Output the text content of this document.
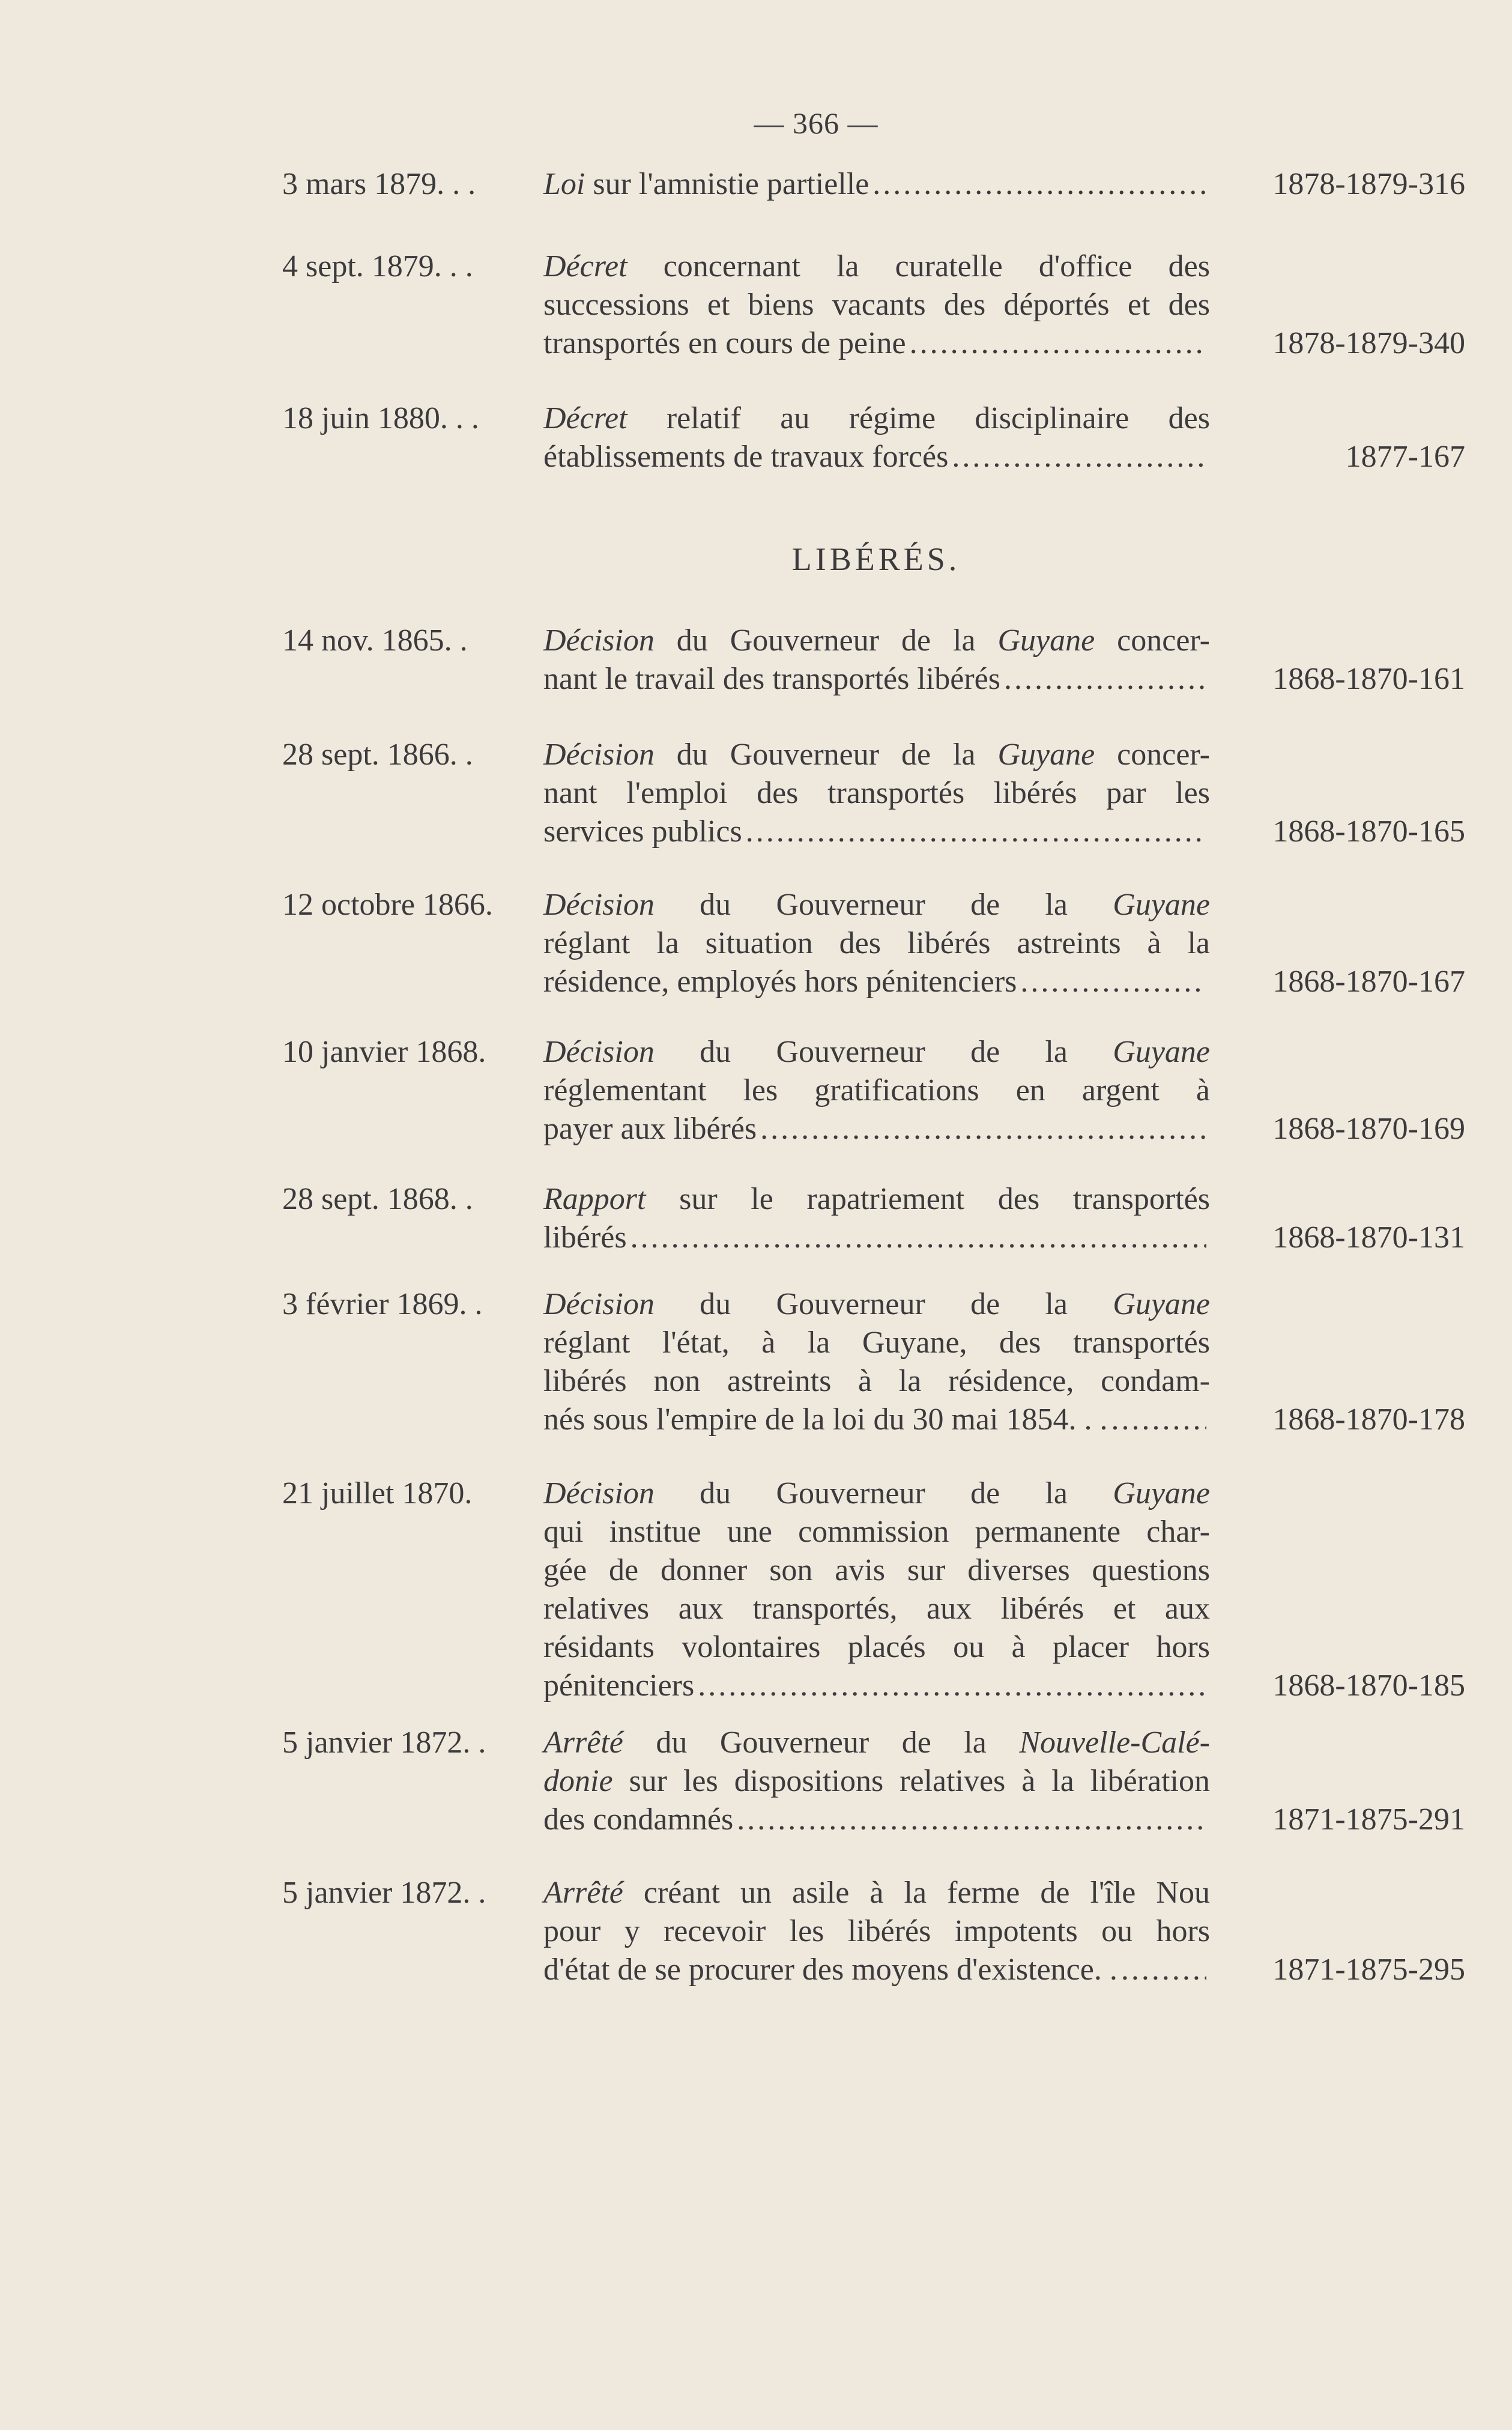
— 366 —
LIBÉRÉS.
3 mars 1879. . .	Loi sur l'amnistie partielle .....	1878-1879-316
4 sept. 1879. . .	Décret concernant la curatelle d'office des
successions et biens vacants des déportés et des
transportés en cours de peine .....	1878-1879-340
18 juin 1880. . .	Décret relatif au régime disciplinaire des
établissements de travaux forcés .....	1877-167
14 nov. 1865. .	Décision du Gouverneur de la Guyane concer-
nant le travail des transportés libérés .....	1868-1870-161
28 sept. 1866. .	Décision du Gouverneur de la Guyane concer-
nant l'emploi des transportés libérés par les
services publics .....	1868-1870-165
12 octobre 1866.	Décision du Gouverneur de la Guyane
réglant la situation des libérés astreints à la
résidence, employés hors pénitenciers .....	1868-1870-167
10 janvier 1868.	Décision du Gouverneur de la Guyane
réglementant les gratifications en argent à
payer aux libérés .....	1868-1870-169
28 sept. 1868. .	Rapport sur le rapatriement des transportés
libérés .....	1868-1870-131
3 février 1869. .	Décision du Gouverneur de la Guyane
réglant l'état, à la Guyane, des transportés
libérés non astreints à la résidence, condam-
nés sous l'empire de la loi du 30 mai 1854. . . .....	1868-1870-178
21 juillet 1870.	Décision du Gouverneur de la Guyane
qui institue une commission permanente char-
gée de donner son avis sur diverses questions
relatives aux transportés, aux libérés et aux
résidants volontaires placés ou à placer hors
pénitenciers .....	1868-1870-185
5 janvier 1872. .	Arrêté du Gouverneur de la Nouvelle-Calé-
donie sur les dispositions relatives à la libération
des condamnés .....	1871-1875-291
5 janvier 1872. .	Arrêté créant un asile à la ferme de l'île Nou
pour y recevoir les libérés impotents ou hors
d'état de se procurer des moyens d'existence. . .....	1871-1875-295
